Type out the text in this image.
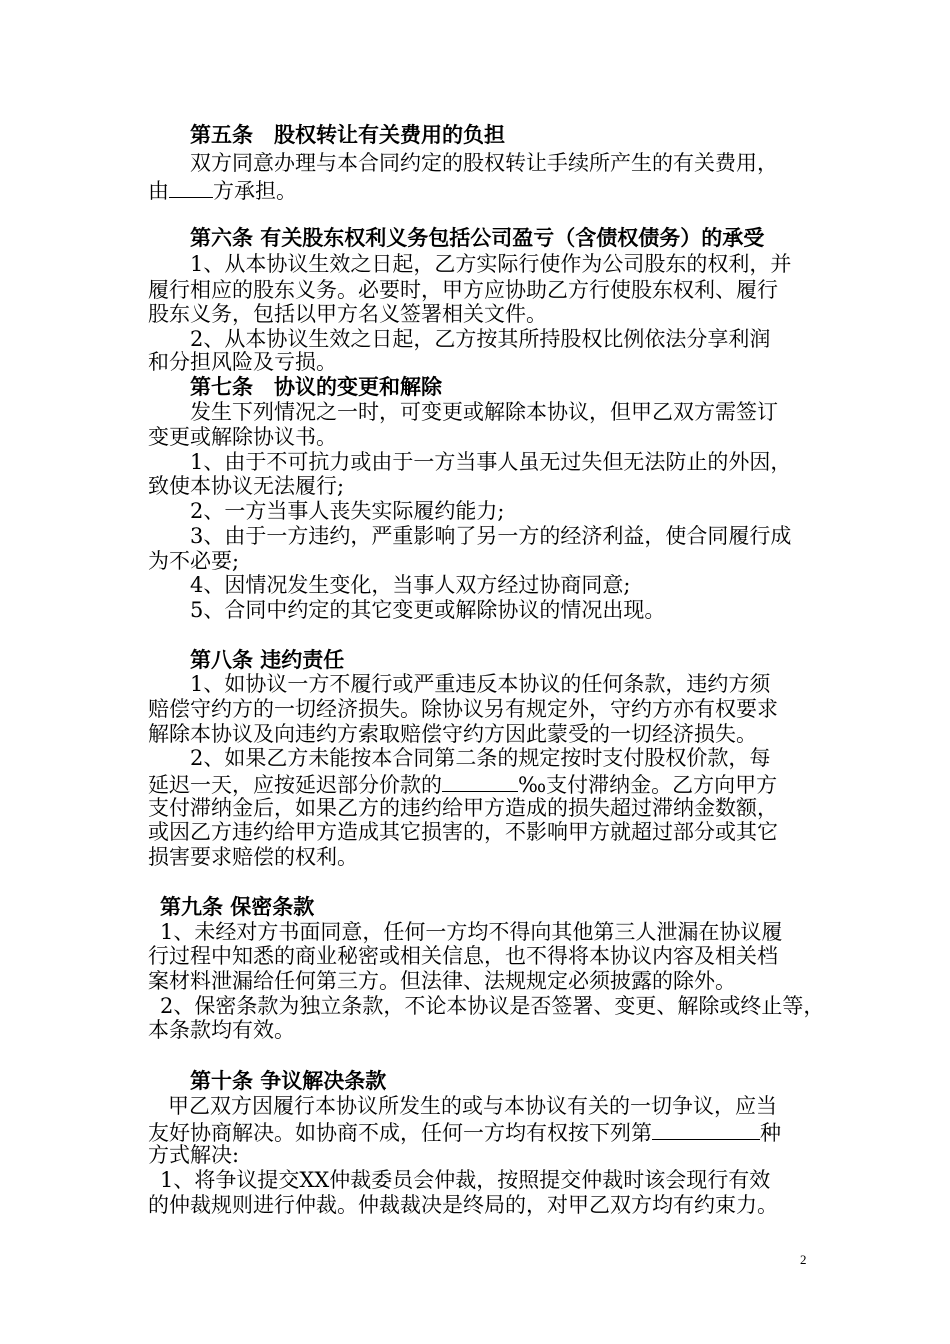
第五条　股权转让有关费用的负担
双方同意办理与本合同约定的股权转让手续所产生的有关费用，
由 方承担。
第六条 有关股东权利义务包括公司盈亏（含债权债务）的承受
1、从本协议生效之日起，乙方实际行使作为公司股东的权利，并
履行相应的股东义务。必要时，甲方应协助乙方行使股东权利、履行
股东义务，包括以甲方名义签署相关文件。
2、从本协议生效之日起，乙方按其所持股权比例依法分享利润
和分担风险及亏损。
第七条　协议的变更和解除
发生下列情况之一时，可变更或解除本协议，但甲乙双方需签订
变更或解除协议书。
1、由于不可抗力或由于一方当事人虽无过失但无法防止的外因，
致使本协议无法履行;
2、一方当事人丧失实际履约能力;
3、由于一方违约，严重影响了另一方的经济利益，使合同履行成
为不必要;
4、因情况发生变化，当事人双方经过协商同意;
5、合同中约定的其它变更或解除协议的情况出现。
第八条 违约责任
1、如协议一方不履行或严重违反本协议的任何条款，违约方须
赔偿守约方的一切经济损失。除协议另有规定外，守约方亦有权要求
解除本协议及向违约方索取赔偿守约方因此蒙受的一切经济损失。
2、如果乙方未能按本合同第二条的规定按时支付股权价款，每
延迟一天，应按延迟部分价款的	‰支付滞纳金。乙方向甲方
支付滞纳金后，如果乙方的违约给甲方造成的损失超过滞纳金数额，
或因乙方违约给甲方造成其它损害的，不影响甲方就超过部分或其它
损害要求赔偿的权利。
第九条 保密条款
1、未经对方书面同意，任何一方均不得向其他第三人泄漏在协议履
行过程中知悉的商业秘密或相关信息，也不得将本协议内容及相关档
案材料泄漏给任何第三方。但法律、法规规定必须披露的除外。
2、保密条款为独立条款，不论本协议是否签署、变更、解除或终止等，
本条款均有效。
第十条 争议解决条款
甲乙双方因履行本协议所发生的或与本协议有关的一切争议，应当
友好协商解决。如协商不成，任何一方均有权按下列第	种
方式解决:
1、将争议提交XX仲裁委员会仲裁，按照提交仲裁时该会现行有效
的仲裁规则进行仲裁。仲裁裁决是终局的，对甲乙双方均有约束力。
2
